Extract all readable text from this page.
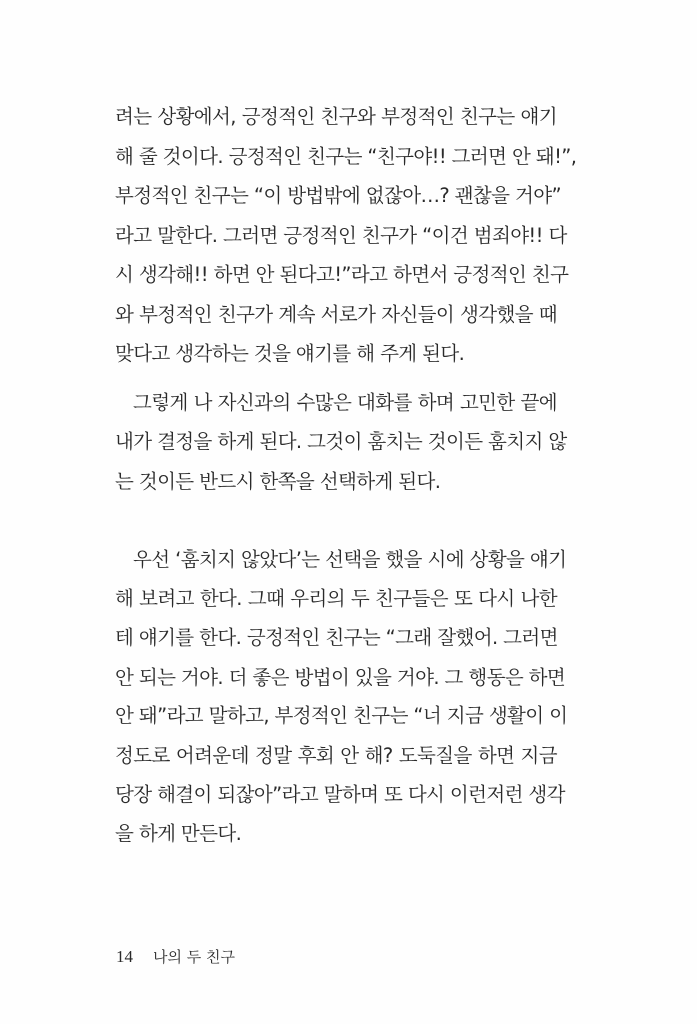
려는 상황에서, 긍정적인 친구와 부정적인 친구는 얘기
해 줄 것이다. 긍정적인 친구는 “친구야!! 그러면 안 돼!”,
부정적인 친구는 “이 방법밖에 없잖아…? 괜찮을 거야”
라고 말한다. 그러면 긍정적인 친구가 “이건 범죄야!! 다
시 생각해!! 하면 안 된다고!”라고 하면서 긍정적인 친구
와 부정적인 친구가 계속 서로가 자신들이 생각했을 때
맞다고 생각하는 것을 얘기를 해 주게 된다.
그렇게 나 자신과의 수많은 대화를 하며 고민한 끝에
내가 결정을 하게 된다. 그것이 훔치는 것이든 훔치지 않
는 것이든 반드시 한쪽을 선택하게 된다.
우선 ‘훔치지 않았다’는 선택을 했을 시에 상황을 얘기
해 보려고 한다. 그때 우리의 두 친구들은 또 다시 나한
테 얘기를 한다. 긍정적인 친구는 “그래 잘했어. 그러면
안 되는 거야. 더 좋은 방법이 있을 거야. 그 행동은 하면
안 돼”라고 말하고, 부정적인 친구는 “너 지금 생활이 이
정도로 어려운데 정말 후회 안 해? 도둑질을 하면 지금
당장 해결이 되잖아”라고 말하며 또 다시 이런저런 생각
을 하게 만든다.
14 나의 두 친구
